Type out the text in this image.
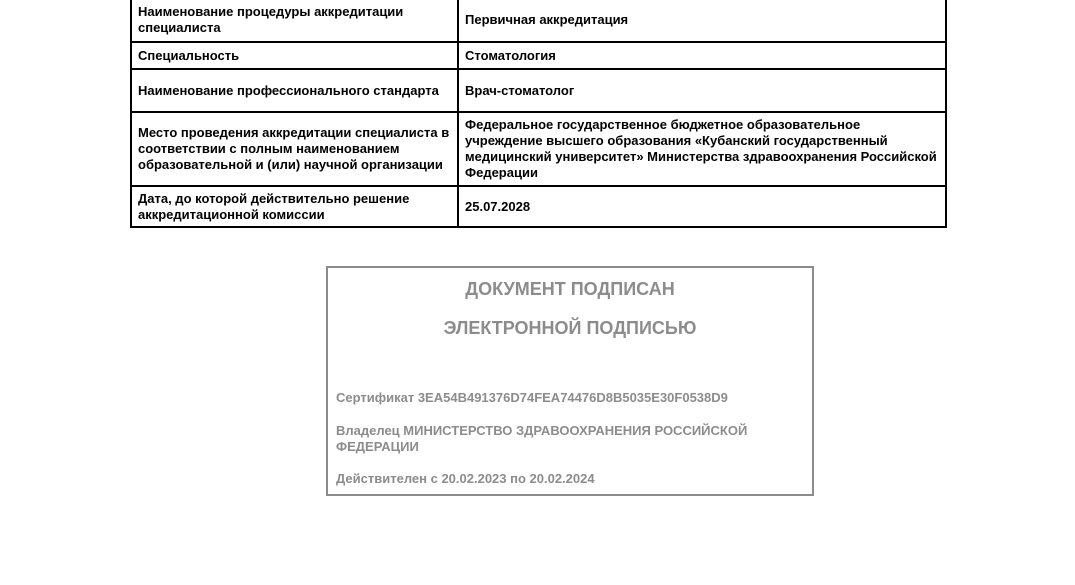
Наименование процедуры аккредитации специалиста	Первичная аккредитация
Специальность	Стоматология
Наименование профессионального стандарта	Врач-стоматолог
Место проведения аккредитации специалиста в соответствии с полным наименованием образовательной и (или) научной организации	Федеральное государственное бюджетное образовательное учреждение высшего образования «Кубанский государственный медицинский университет» Министерства здравоохранения Российской Федерации
Дата, до которой действительно решение аккредитационной комиссии	25.07.2028
ДОКУМЕНТ ПОДПИСАН
ЭЛЕКТРОННОЙ ПОДПИСЬЮ
Сертификат 3EA54B491376D74FEA74476D8B5035E30F0538D9
Владелец МИНИСТЕРСТВО ЗДРАВООХРАНЕНИЯ РОССИЙСКОЙ ФЕДЕРАЦИИ
Действителен с 20.02.2023 по 20.02.2024
